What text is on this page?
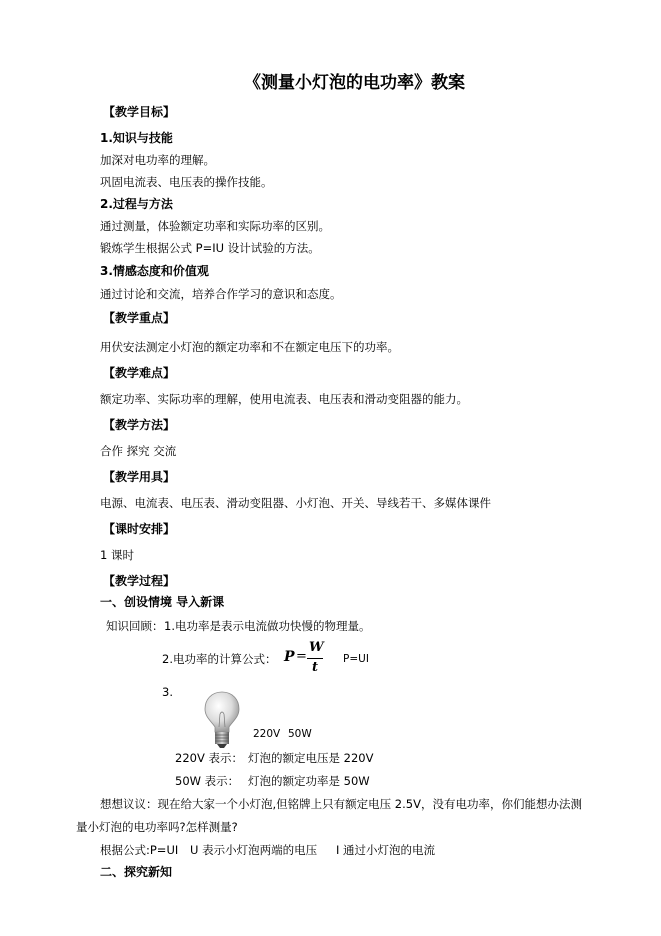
《测量小灯泡的电功率》教案
【教学目标】
1.知识与技能
加深对电功率的理解。
巩固电流表、电压表的操作技能。
2.过程与方法
通过测量，体验额定功率和实际功率的区别。
锻炼学生根据公式 P=IU 设计试验的方法。
3.情感态度和价值观
通过讨论和交流，培养合作学习的意识和态度。
【教学重点】
用伏安法测定小灯泡的额定功率和不在额定电压下的功率。
【教学难点】
额定功率、实际功率的理解，使用电流表、电压表和滑动变阻器的能力。
【教学方法】
合作 探究 交流
【教学用具】
电源、电流表、电压表、滑动变阻器、小灯泡、开关、导线若干、多媒体课件
【课时安排】
1 课时
【教学过程】
一、创设情境 导入新课
知识回顾： 1.电功率是表示电流做功快慢的物理量。
2.电功率的计算公式： P =
W
t
P=UI
3.
220V 50W
220V 表示： 灯泡的额定电压是 220V
50W 表示： 灯泡的额定功率是 50W
想想议议：现在给大家一个小灯泡,但铭牌上只有额定电压 2.5V，没有电功率，你们能想办法测
量小灯泡的电功率吗?怎样测量?
根据公式:P=UI U 表示小灯泡两端的电压 I 通过小灯泡的电流
二、探究新知
